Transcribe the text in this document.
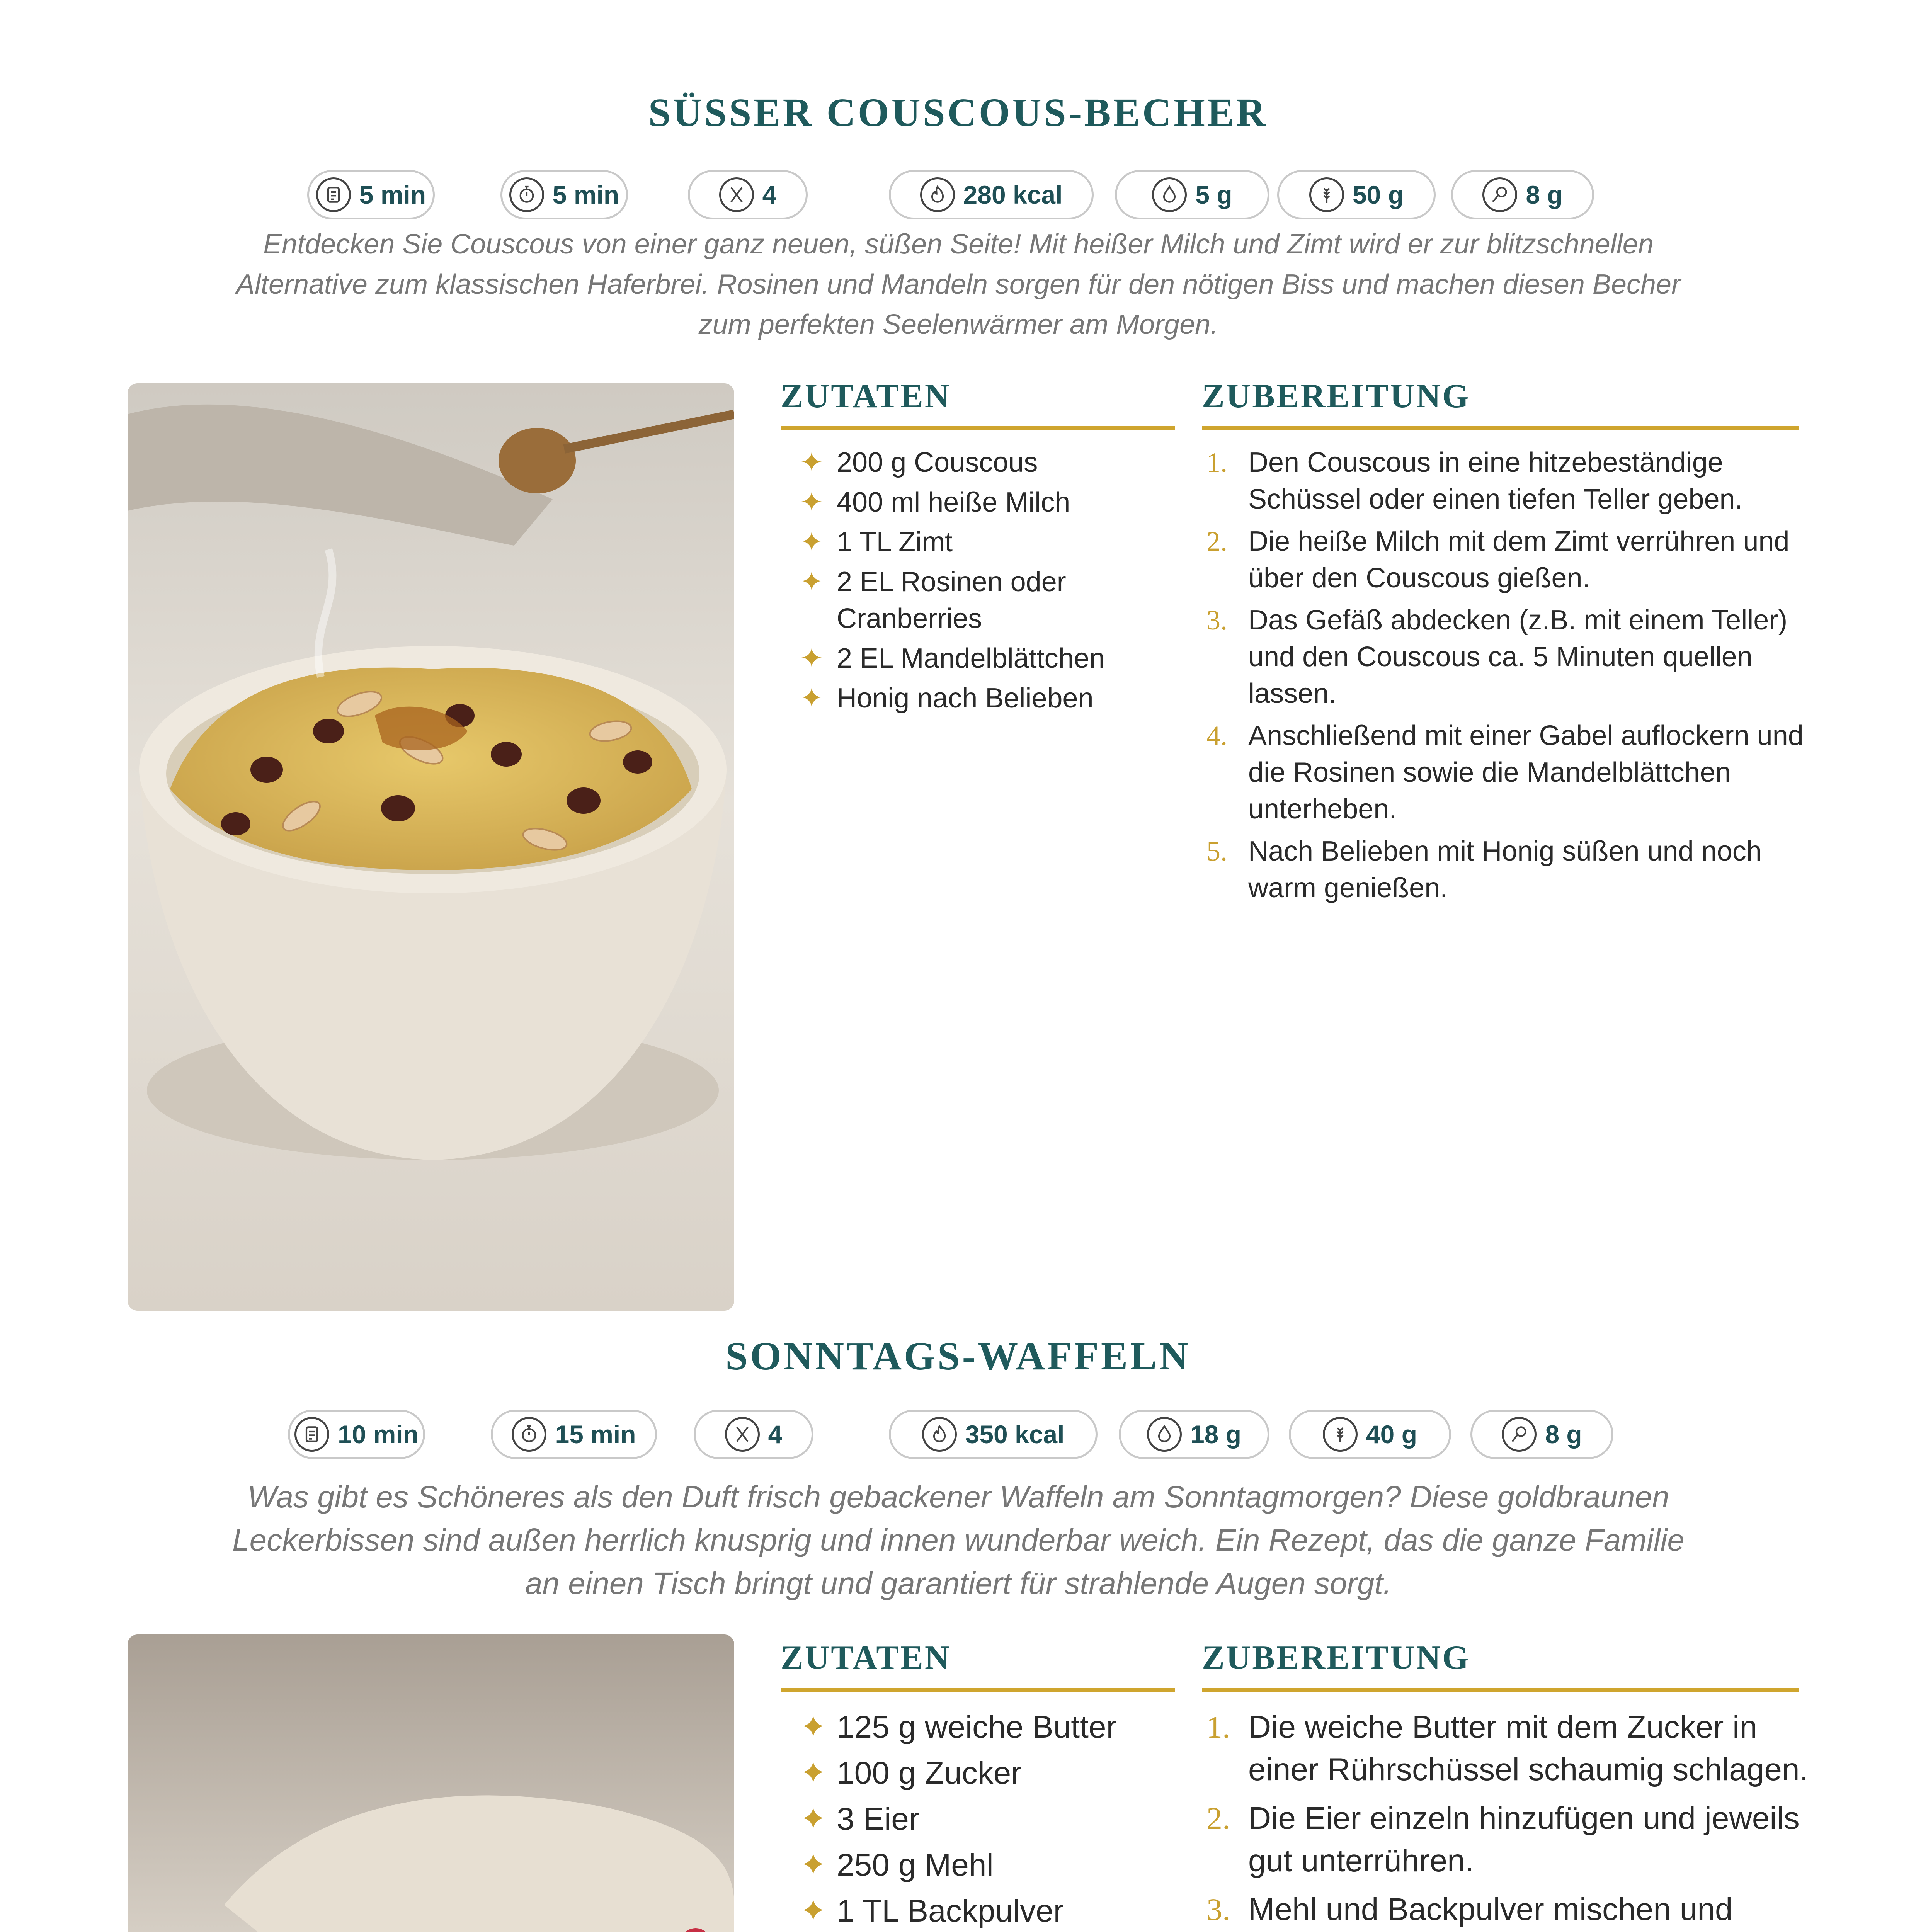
SÜSSER COUSCOUS-BECHER
5 min	5 min	4	280 kcal	5 g	50 g	8 g

Entdecken Sie Couscous von einer ganz neuen, süßen Seite! Mit heißer Milch und Zimt wird er zur blitzschnellen Alternative zum klassischen Haferbrei. Rosinen und Mandeln sorgen für den nötigen Biss und machen diesen Becher zum perfekten Seelenwärmer am Morgen.

ZUTATEN	ZUBEREITUNG
✦ 200 g Couscous
✦ 400 ml heiße Milch
✦ 1 TL Zimt
✦ 2 EL Rosinen oder Cranberries
✦ 2 EL Mandelblättchen
✦ Honig nach Belieben
1. Den Couscous in eine hitzebeständige Schüssel oder einen tiefen Teller geben.
2. Die heiße Milch mit dem Zimt verrühren und über den Couscous gießen.
3. Das Gefäß abdecken (z.B. mit einem Teller) und den Couscous ca. 5 Minuten quellen lassen.
4. Anschließend mit einer Gabel auflockern und die Rosinen sowie die Mandelblättchen unterheben.
5. Nach Belieben mit Honig süßen und noch warm genießen.
SONNTAGS-WAFFELN
10 min	15 min	4	350 kcal	18 g	40 g	8 g

Was gibt es Schöneres als den Duft frisch gebackener Waffeln am Sonntagmorgen? Diese goldbraunen Leckerbissen sind außen herrlich knusprig und innen wunderbar weich. Ein Rezept, das die ganze Familie an einen Tisch bringt und garantiert für strahlende Augen sorgt.

ZUTATEN	ZUBEREITUNG
✦ 125 g weiche Butter
✦ 100 g Zucker
✦ 3 Eier
✦ 250 g Mehl
✦ 1 TL Backpulver
1. Die weiche Butter mit dem Zucker in einer Rührschüssel schaumig schlagen.
2. Die Eier einzeln hinzufügen und jeweils gut unterrühren.
3. Mehl und Backpulver mischen und
